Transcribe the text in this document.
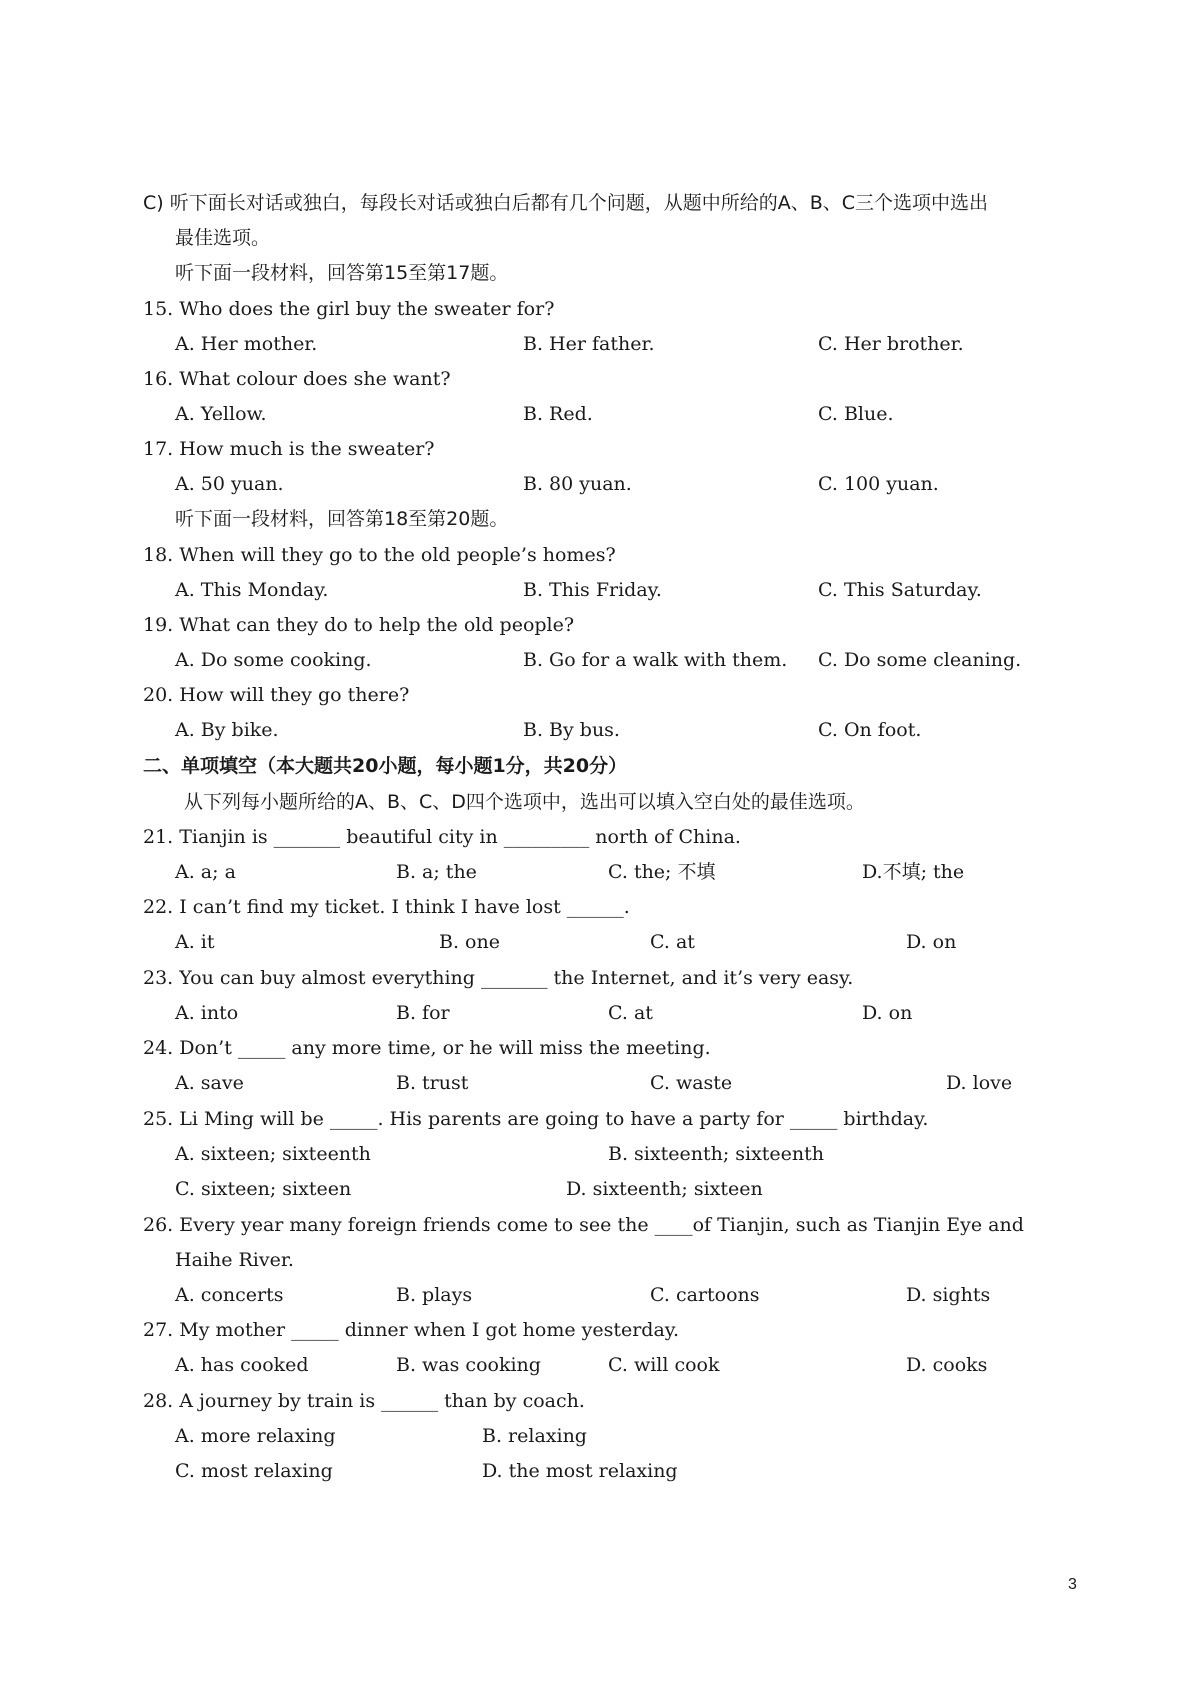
C) 听下面长对话或独白，每段长对话或独白后都有几个问题，从题中所给的A、B、C三个选项中选出
最佳选项。
听下面一段材料，回答第15至第17题。
15. Who does the girl buy the sweater for?
A. Her mother.	B. Her father.	C. Her brother.
16. What colour does she want?
A. Yellow.	B. Red.	C. Blue.
17. How much is the sweater?
A. 50 yuan.	B. 80 yuan.	C. 100 yuan.
听下面一段材料，回答第18至第20题。
18. When will they go to the old people’s homes?
A. This Monday.	B. This Friday.	C. This Saturday.
19. What can they do to help the old people?
A. Do some cooking.	B. Go for a walk with them. C. Do some cleaning.
20. How will they go there?
A. By bike.	B. By bus.	C. On foot.
二、单项填空（本大题共20小题，每小题1分，共20分）
从下列每小题所给的A、B、C、D四个选项中，选出可以填入空白处的最佳选项。
21. Tianjin is _______ beautiful city in _________ north of China.
A. a; a	B. a; the	C. the; 不填	D.不填; the
22. I can’t find my ticket. I think I have lost ______.
A. it	B. one	C. at	D. on
23. You can buy almost everything _______ the Internet, and it’s very easy.
A. into	B. for	C. at	D. on
24. Don’t _____ any more time, or he will miss the meeting.
A. save	B. trust	C. waste	D. love
25. Li Ming will be _____. His parents are going to have a party for _____ birthday.
A. sixteen; sixteenth	B. sixteenth; sixteenth
C. sixteen; sixteen	D. sixteenth; sixteen
26. Every year many foreign friends come to see the ____of Tianjin, such as Tianjin Eye and
Haihe River.
A. concerts	B. plays	C. cartoons	D. sights
27. My mother _____ dinner when I got home yesterday.
A. has cooked	B. was cooking	C. will cook	D. cooks
28. A journey by train is ______ than by coach.
A. more relaxing	B. relaxing
C. most relaxing	D. the most relaxing
3
